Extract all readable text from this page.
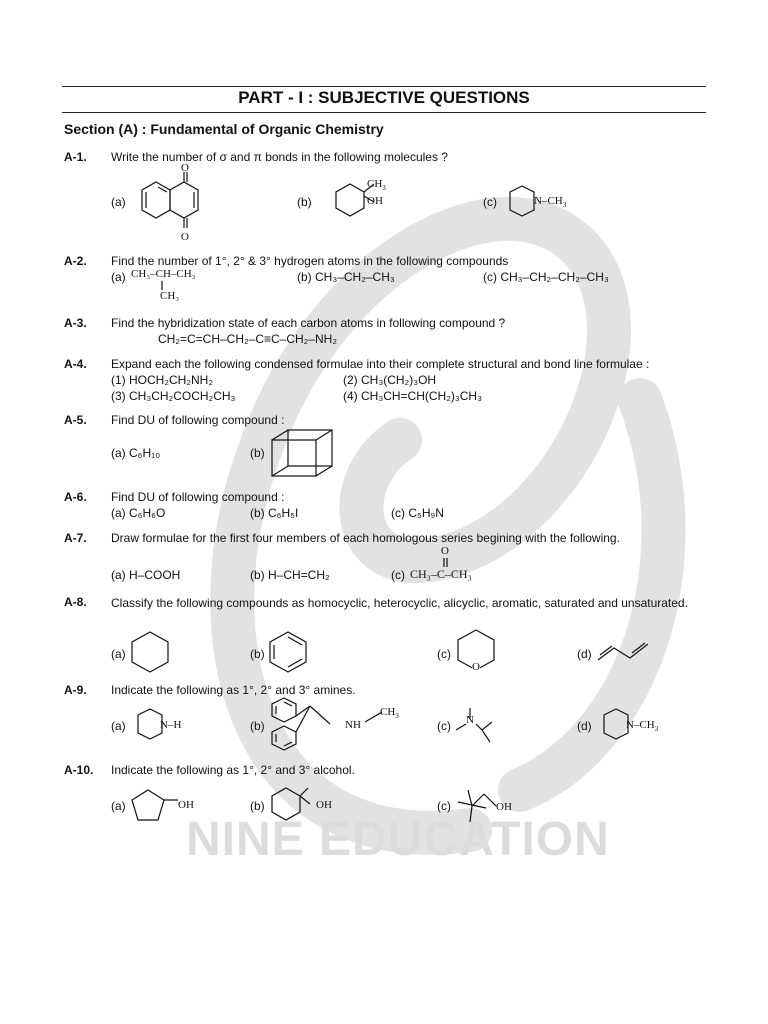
NINE EDUCATION
PART - I : SUBJECTIVE QUESTIONS
Section (A) : Fundamental of Organic Chemistry
A-1. Write the number of σ and π bonds in the following molecules ?
(a)
O
O
(b)
$CH_3$
OH	(c)	$N-CH_3$
A-2. Find the number of 1°, 2° & 3° hydrogen atoms in the following compounds
(a) CH₃–CH–CH₃
CH₃
(b) CH₃–CH₂–CH₃	(c) CH₃–CH₂–CH₂–CH₃
A-3. Find the hybridization state of each carbon atoms in following compound ?
CH₂=C=CH–CH₂–C≡C–CH₂–NH₂
A-4. Expand each the following condensed formulae into their complete structural and bond line formulae :
(1) HOCH₂CH₂NH₂	(2) CH₃(CH₂)₃OH
(3) CH₃CH₂COCH₂CH₃	(4) CH₃CH=CH(CH₂)₃CH₃
A-5. Find DU of following compound :
(a) C₆H₁₀	(b)
A-6. Find DU of following compound :
(a) C₆H₆O	(b) C₆H₅I	(c) C₅H₉N
A-7. Draw formulae for the first four members of each homologous series begining with the following.
(a) H–COOH	(b) H–CH=CH₂	(c)
O
CH₃–C–CH₃
A-8. Classify the following compounds as homocyclic, heterocyclic, alicyclic, aromatic, saturated and unsaturated.
(a)	(b)	(c)
O
(d)
A-9. Indicate the following as 1°, 2° and 3° amines.
(a)	N–H	(b)	NH
$CH_3$
(c) N	(d)	$N-CH_3$
A-10. Indicate the following as 1°, 2° and 3° alcohol.
(a)	OH	(b)	OH	(c)	OH
